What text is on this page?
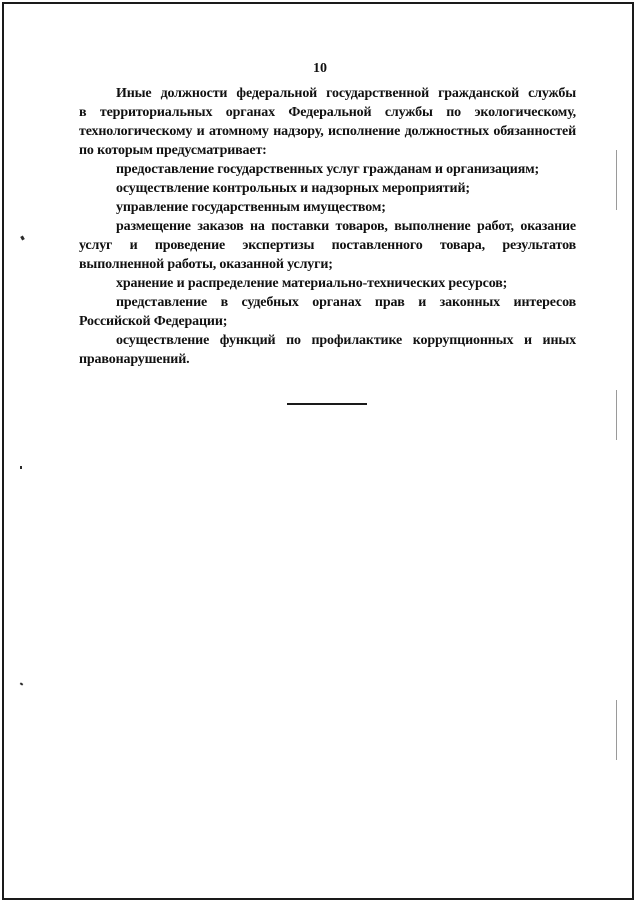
10

Иные должности федеральной государственной гражданской службы

в территориальных органах Федеральной службы по экологическому,

технологическому и атомному надзору, исполнение должностных обязанностей

по которым предусматривает:

предоставление государственных услуг гражданам и организациям;

осуществление контрольных и надзорных мероприятий;

управление государственным имуществом;

размещение заказов на поставки товаров, выполнение работ, оказание

услуг и проведение экспертизы поставленного товара, результатов

выполненной работы, оказанной услуги;

хранение и распределение материально-технических ресурсов;

представление в судебных органах прав и законных интересов

Российской Федерации;

осуществление функций по профилактике коррупционных и иных

правонарушений.
